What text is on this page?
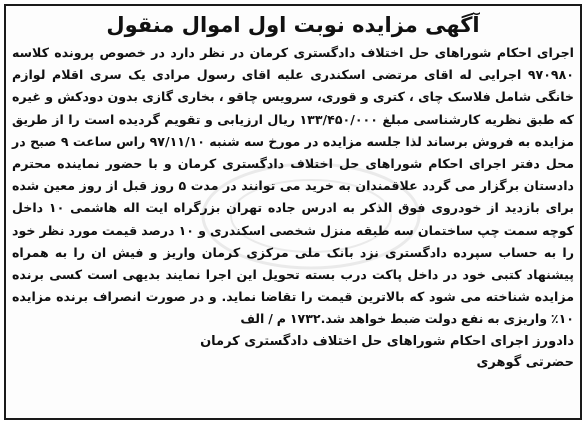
آگهی مزایده نوبت اول اموال منقول

اجرای احکام شوراهای حل اختلاف دادگستری کرمان در نظر دارد در خصوص پرونده کلاسه ۹۷۰۹۸۰ اجرایی له اقای مرتضی اسکندری علیه اقای رسول مرادی یک سری اقلام لوازم خانگی شامل فلاسک چای ، کتری و قوری، سرویس چاقو ، بخاری گازی بدون دودکش و غیره که طبق نظریه کارشناسی مبلغ ۱۳۳/۴۵۰/۰۰۰ ریال ارزیابی و تقویم گردیده است را از طریق مزایده به فروش برساند لذا جلسه مزایده در مورخ سه شنبه ۹۷/۱۱/۱۰ راس ساعت ۹ صبح در محل دفتر اجرای احکام شوراهای حل اختلاف دادگستری کرمان و با حضور نماینده محترم دادستان برگزار می گردد علاقمندان به خرید می توانند در مدت ۵ روز قبل از روز معین شده برای بازدید از خودروی فوق الذکر به ادرس جاده تهران بزرگراه ایت اله هاشمی ۱۰ داخل کوچه سمت چپ ساختمان سه طبقه منزل شخصی اسکندری و ۱۰ درصد قیمت مورد نظر خود را به حساب سپرده دادگستری نزد بانک ملی مرکزی کرمان واریز و فیش ان را به همراه پیشنهاد کتبی خود در داخل پاکت درب بسته تحویل این اجرا نمایند بدیهی است کسی برنده مزایده شناخته می شود که بالاترین قیمت را تقاضا نماید. و در صورت انصراف برنده مزایده ۱۰٪ واریزی به نفع دولت ضبط خواهد شد.۱۷۳۲ م / الف

دادورز اجرای احکام شوراهای حل اختلاف دادگستری کرمان

حضرتی گوهری
